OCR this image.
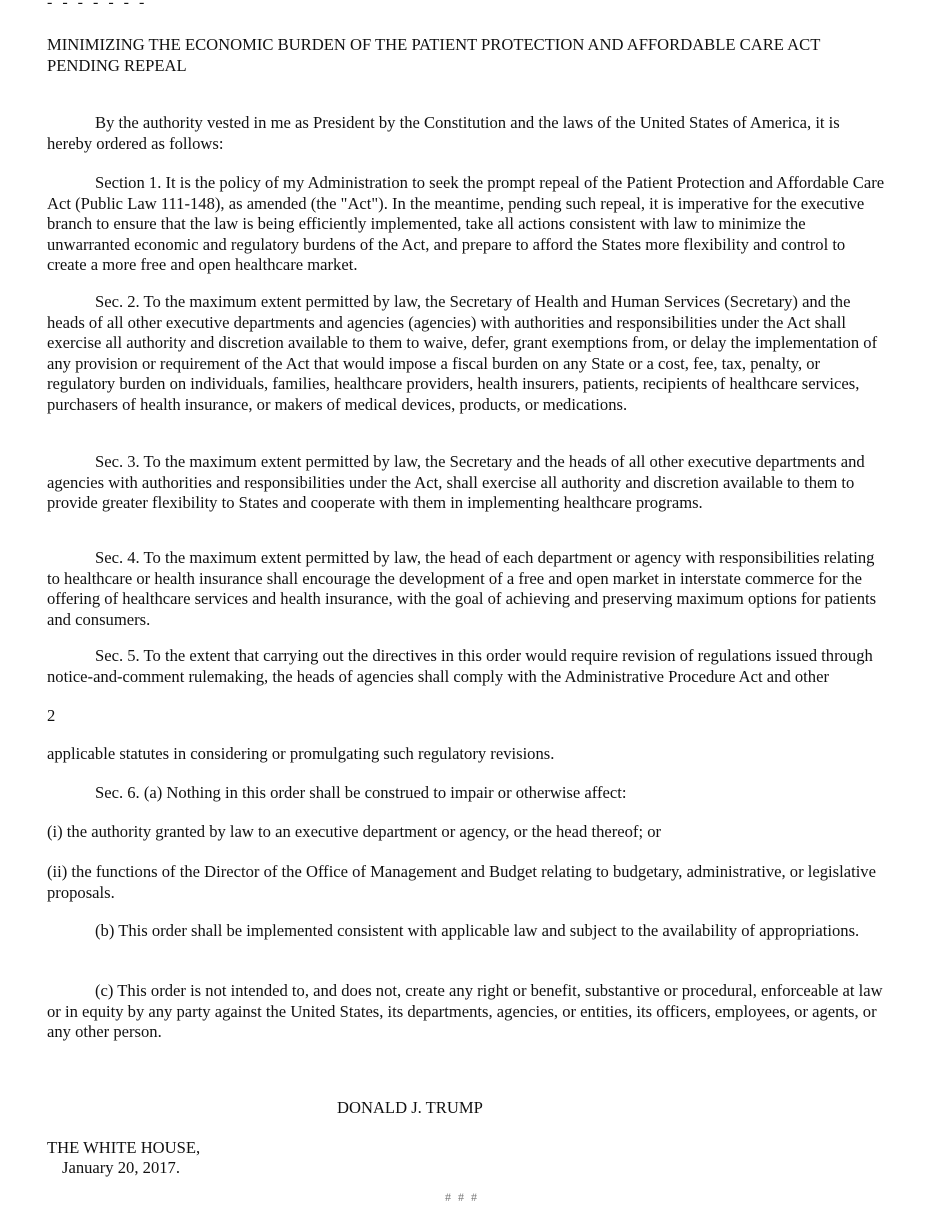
- - - - - - -
MINIMIZING THE ECONOMIC BURDEN OF THE PATIENT PROTECTION AND AFFORDABLE CARE ACT PENDING REPEAL
By the authority vested in me as President by the Constitution and the laws of the United States of America, it is hereby ordered as follows:
Section 1. It is the policy of my Administration to seek the prompt repeal of the Patient Protection and Affordable Care Act (Public Law 111-148), as amended (the "Act"). In the meantime, pending such repeal, it is imperative for the executive branch to ensure that the law is being efficiently implemented, take all actions consistent with law to minimize the unwarranted economic and regulatory burdens of the Act, and prepare to afford the States more flexibility and control to create a more free and open healthcare market.
Sec. 2. To the maximum extent permitted by law, the Secretary of Health and Human Services (Secretary) and the heads of all other executive departments and agencies (agencies) with authorities and responsibilities under the Act shall exercise all authority and discretion available to them to waive, defer, grant exemptions from, or delay the implementation of any provision or requirement of the Act that would impose a fiscal burden on any State or a cost, fee, tax, penalty, or regulatory burden on individuals, families, healthcare providers, health insurers, patients, recipients of healthcare services, purchasers of health insurance, or makers of medical devices, products, or medications.
Sec. 3. To the maximum extent permitted by law, the Secretary and the heads of all other executive departments and agencies with authorities and responsibilities under the Act, shall exercise all authority and discretion available to them to provide greater flexibility to States and cooperate with them in implementing healthcare programs.
Sec. 4. To the maximum extent permitted by law, the head of each department or agency with responsibilities relating to healthcare or health insurance shall encourage the development of a free and open market in interstate commerce for the offering of healthcare services and health insurance, with the goal of achieving and preserving maximum options for patients and consumers.
Sec. 5. To the extent that carrying out the directives in this order would require revision of regulations issued through notice-and-comment rulemaking, the heads of agencies shall comply with the Administrative Procedure Act and other
2
applicable statutes in considering or promulgating such regulatory revisions.
Sec. 6. (a) Nothing in this order shall be construed to impair or otherwise affect:
(i) the authority granted by law to an executive department or agency, or the head thereof; or
(ii) the functions of the Director of the Office of Management and Budget relating to budgetary, administrative, or legislative proposals.
(b) This order shall be implemented consistent with applicable law and subject to the availability of appropriations.
(c) This order is not intended to, and does not, create any right or benefit, substantive or procedural, enforceable at law or in equity by any party against the United States, its departments, agencies, or entities, its officers, employees, or agents, or any other person.
DONALD J. TRUMP
THE WHITE HOUSE,
January 20, 2017.
# # #
